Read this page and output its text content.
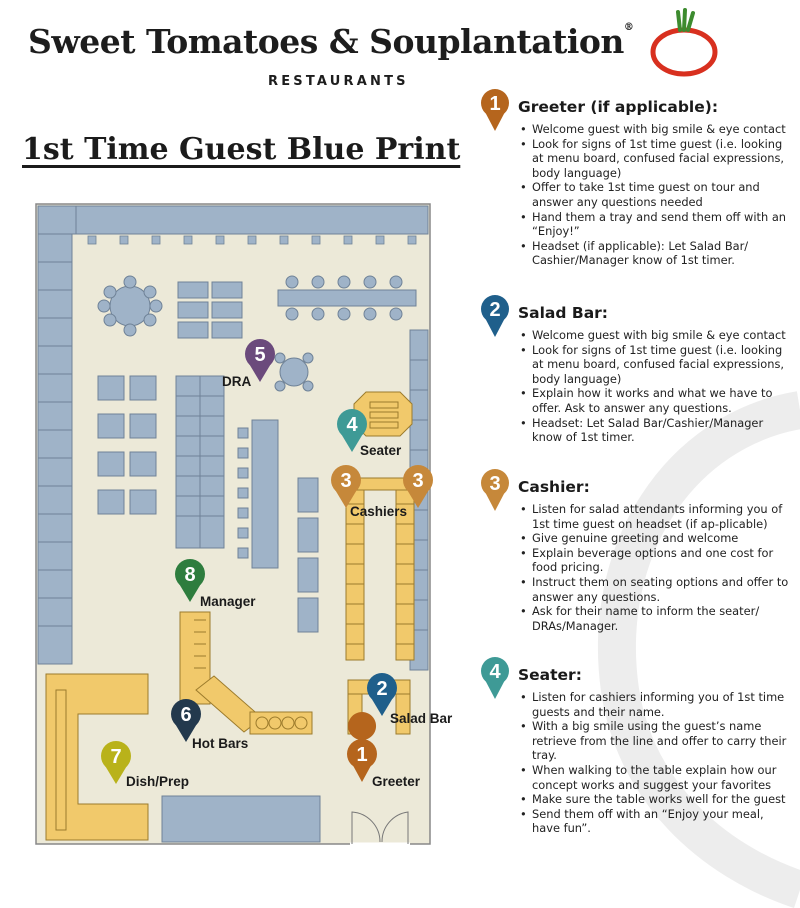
Sweet Tomatoes & Souplantation®
RESTAURANTS
1st Time Guest Blue Print
1
2
3	3
4
5
6
7
8
DRA
Seater
Cashiers
Manager
Salad Bar
Hot Bars
Greeter
Dish/Prep
1 Greeter (if applicable):
• Welcome guest with big smile & eye contact
• Look for signs of 1st time guest (i.e. looking at menu board, confused facial expressions, body language)
• Offer to take 1st time guest on tour and answer any questions needed
• Hand them a tray and send them off with an “Enjoy!”
• Headset (if applicable): Let Salad Bar/ Cashier/Manager know of 1st timer.
2 Salad Bar:
• Welcome guest with big smile & eye contact
• Look for signs of 1st time guest (i.e. looking at menu board, confused facial expressions, body language)
• Explain how it works and what we have to offer. Ask to answer any questions.
• Headset: Let Salad Bar/Cashier/Manager know of 1st timer.
3 Cashier:
• Listen for salad attendants informing you of 1st time guest on headset (if ap-plicable)
• Give genuine greeting and welcome
• Explain beverage options and one cost for food pricing.
• Instruct them on seating options and offer to answer any questions.
• Ask for their name to inform the seater/ DRAs/Manager.
4 Seater:
• Listen for cashiers informing you of 1st time guests and their name.
• With a big smile using the guest’s name retrieve from the line and offer to carry their tray.
• When walking to the table explain how our concept works and suggest your favorites
• Make sure the table works well for the guest
• Send them off with an “Enjoy your meal, have fun”.
